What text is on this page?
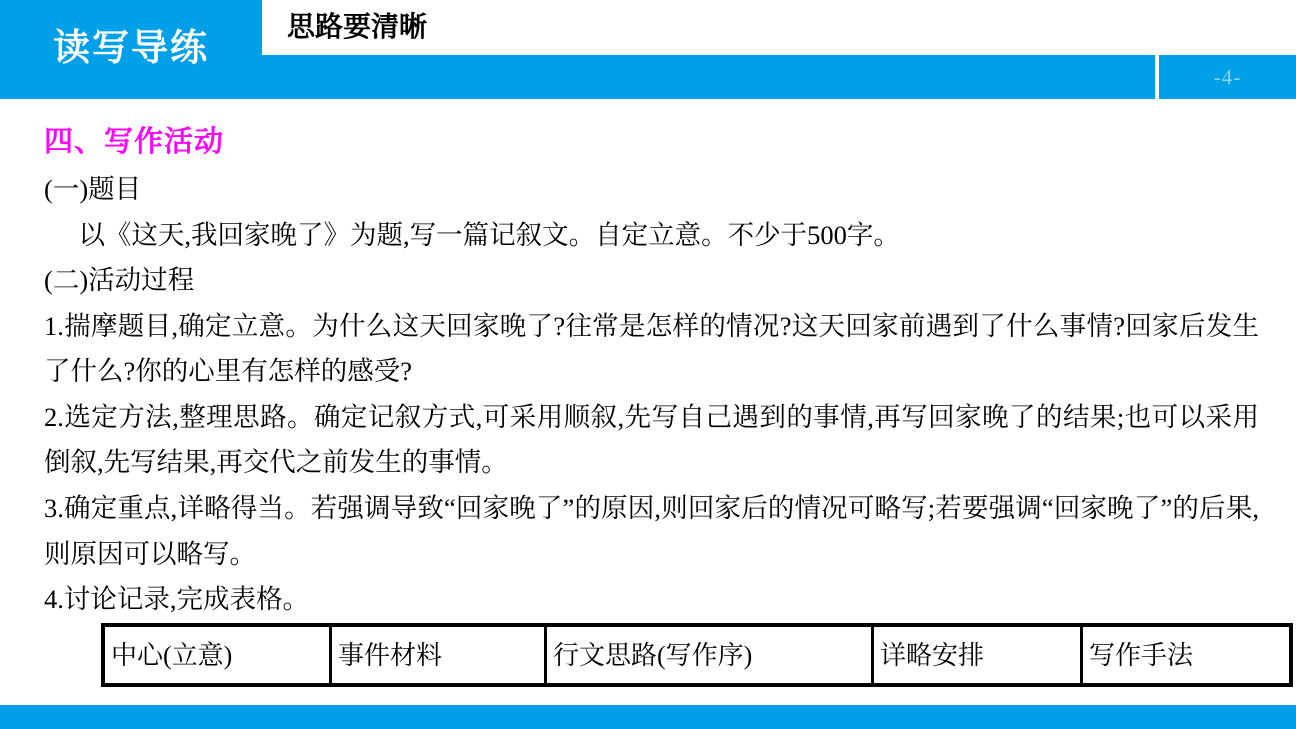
读写导练
思路要清晰
-4-
四、写作活动

(一)题目

以《这天,我回家晚了》为题,写一篇记叙文。自定立意。不少于500字。

(二)活动过程

1.揣摩题目,确定立意。为什么这天回家晚了?往常是怎样的情况?这天回家前遇到了什么事情?回家后发生了什么?你的心里有怎样的感受?

2.选定方法,整理思路。确定记叙方式,可采用顺叙,先写自己遇到的事情,再写回家晚了的结果;也可以采用倒叙,先写结果,再交代之前发生的事情。

3.确定重点,详略得当。若强调导致“回家晚了”的原因,则回家后的情况可略写;若要强调“回家晚了”的后果,则原因可以略写。

4.讨论记录,完成表格。

中心(立意)	事件材料	行文思路(写作序)	详略安排	写作手法
